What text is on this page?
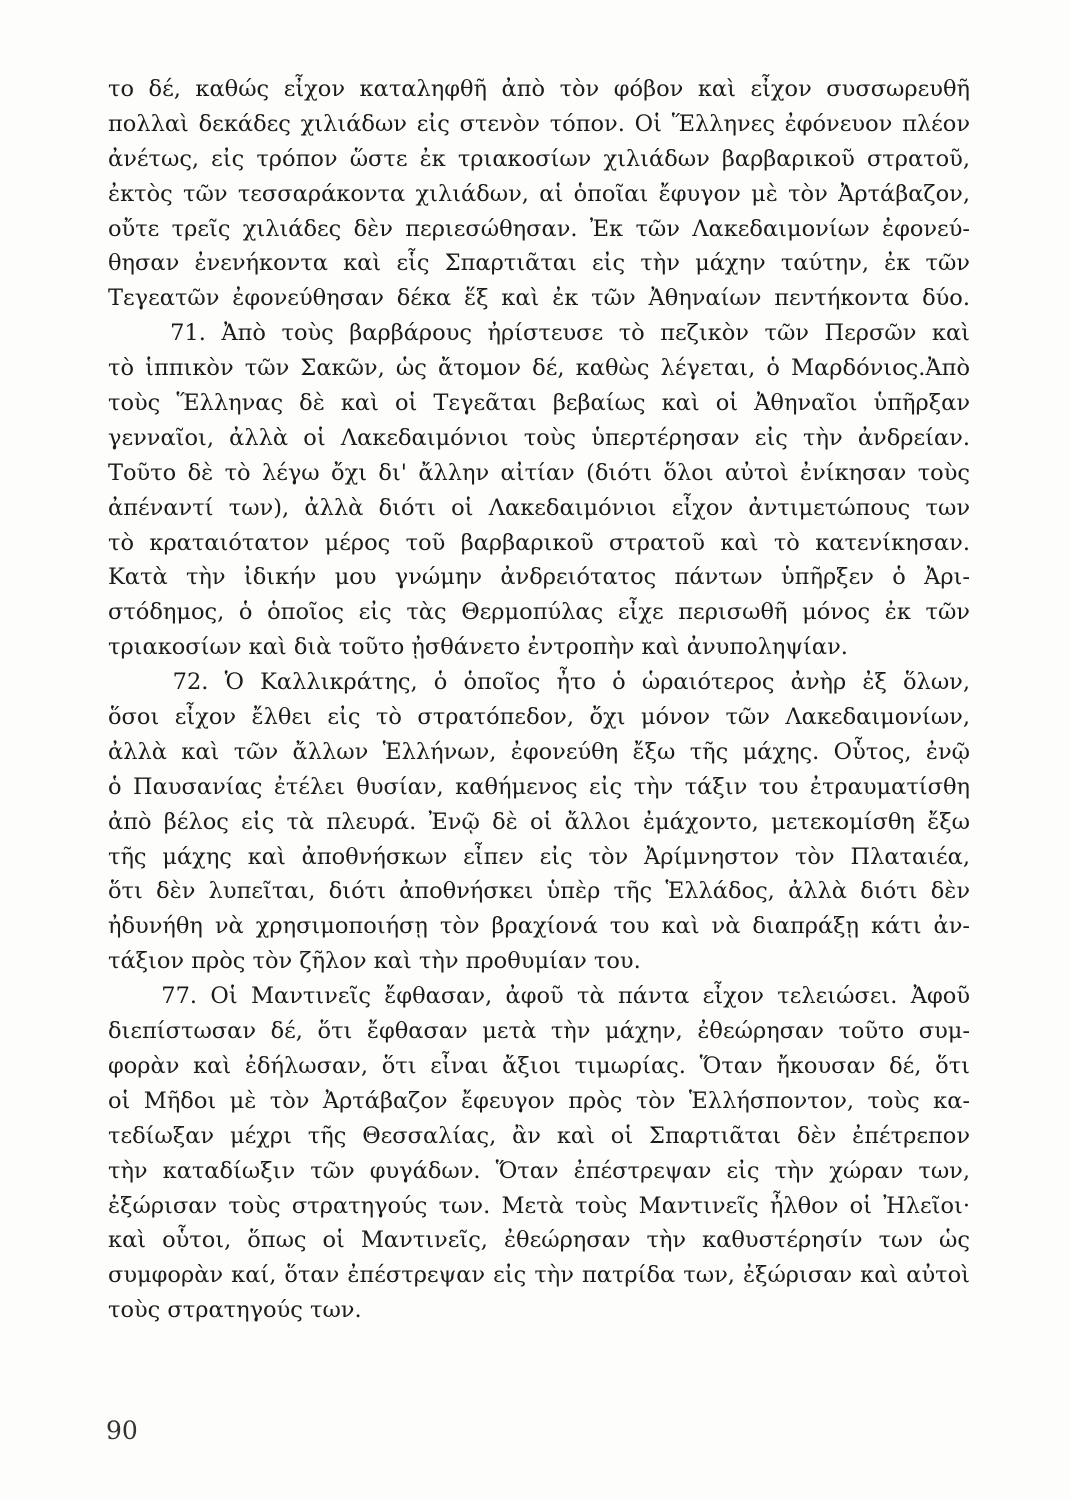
το δέ, καθώς εἶχον καταληφθῆ ἀπὸ τὸν φόβον καὶ εἶχον συσσωρευθῆ
πολλαὶ δεκάδες χιλιάδων εἰς στενὸν τόπον. Οἱ Ἕλληνες ἐφόνευον πλέον
ἀνέτως, εἰς τρόπον ὥστε ἐκ τριακοσίων χιλιάδων βαρβαρικοῦ στρατοῦ,
ἐκτὸς τῶν τεσσαράκοντα χιλιάδων, αἱ ὁποῖαι ἔφυγον μὲ τὸν Ἀρτάβαζον,
οὔτε τρεῖς χιλιάδες δὲν περιεσώθησαν. Ἐκ τῶν Λακεδαιμονίων ἐφονεύ-
θησαν ἐνενήκοντα καὶ εἷς Σπαρτιᾶται εἰς τὴν μάχην ταύτην, ἐκ τῶν
Τεγεατῶν ἐφονεύθησαν δέκα ἕξ καὶ ἐκ τῶν Ἀθηναίων πεντήκοντα δύο.
71. Ἀπὸ τοὺς βαρβάρους ἠρίστευσε τὸ πεζικὸν τῶν Περσῶν καὶ
τὸ ἱππικὸν τῶν Σακῶν, ὡς ἄτομον δέ, καθὼς λέγεται, ὁ Μαρδόνιος.Ἀπὸ
τοὺς Ἕλληνας δὲ καὶ οἱ Τεγεᾶται βεβαίως καὶ οἱ Ἀθηναῖοι ὑπῆρξαν
γενναῖοι, ἀλλὰ οἱ Λακεδαιμόνιοι τοὺς ὑπερτέρησαν εἰς τὴν ἀνδρείαν.
Τοῦτο δὲ τὸ λέγω ὄχι δι' ἄλλην αἰτίαν (διότι ὅλοι αὐτοὶ ἐνίκησαν τοὺς
ἀπέναντί των), ἀλλὰ διότι οἱ Λακεδαιμόνιοι εἶχον ἀντιμετώπους των
τὸ κραταιότατον μέρος τοῦ βαρβαρικοῦ στρατοῦ καὶ τὸ κατενίκησαν.
Κατὰ τὴν ἰδικήν μου γνώμην ἀνδρειότατος πάντων ὑπῆρξεν ὁ Ἀρι-
στόδημος, ὁ ὁποῖος εἰς τὰς Θερμοπύλας εἶχε περισωθῆ μόνος ἐκ τῶν
τριακοσίων καὶ διὰ τοῦτο ᾐσθάνετο ἐντροπὴν καὶ ἀνυποληψίαν.
72. Ὁ Καλλικράτης, ὁ ὁποῖος ἦτο ὁ ὡραιότερος ἀνὴρ ἐξ ὅλων,
ὅσοι εἶχον ἔλθει εἰς τὸ στρατόπεδον, ὄχι μόνον τῶν Λακεδαιμονίων,
ἀλλὰ καὶ τῶν ἄλλων Ἑλλήνων, ἐφονεύθη ἔξω τῆς μάχης. Οὗτος, ἐνῷ
ὁ Παυσανίας ἐτέλει θυσίαν, καθήμενος εἰς τὴν τάξιν του ἐτραυματίσθη
ἀπὸ βέλος εἰς τὰ πλευρά. Ἐνῷ δὲ οἱ ἄλλοι ἐμάχοντο, μετεκομίσθη ἔξω
τῆς μάχης καὶ ἀποθνήσκων εἶπεν εἰς τὸν Ἀρίμνηστον τὸν Πλαταιέα,
ὅτι δὲν λυπεῖται, διότι ἀποθνήσκει ὑπὲρ τῆς Ἑλλάδος, ἀλλὰ διότι δὲν
ἠδυνήθη νὰ χρησιμοποιήσῃ τὸν βραχίονά του καὶ νὰ διαπράξῃ κάτι ἀν-
τάξιον πρὸς τὸν ζῆλον καὶ τὴν προθυμίαν του.
77. Οἱ Μαντινεῖς ἔφθασαν, ἀφοῦ τὰ πάντα εἶχον τελειώσει. Ἀφοῦ
διεπίστωσαν δέ, ὅτι ἔφθασαν μετὰ τὴν μάχην, ἐθεώρησαν τοῦτο συμ-
φορὰν καὶ ἐδήλωσαν, ὅτι εἶναι ἄξιοι τιμωρίας. Ὅταν ἤκουσαν δέ, ὅτι
οἱ Μῆδοι μὲ τὸν Ἀρτάβαζον ἔφευγον πρὸς τὸν Ἑλλήσποντον, τοὺς κα-
τεδίωξαν μέχρι τῆς Θεσσαλίας, ἂν καὶ οἱ Σπαρτιᾶται δὲν ἐπέτρεπον
τὴν καταδίωξιν τῶν φυγάδων. Ὅταν ἐπέστρεψαν εἰς τὴν χώραν των,
ἐξώρισαν τοὺς στρατηγούς των. Μετὰ τοὺς Μαντινεῖς ἦλθον οἱ Ἠλεῖοι·
καὶ οὗτοι, ὅπως οἱ Μαντινεῖς, ἐθεώρησαν τὴν καθυστέρησίν των ὡς
συμφορὰν καί, ὅταν ἐπέστρεψαν εἰς τὴν πατρίδα των, ἐξώρισαν καὶ αὐτοὶ
τοὺς στρατηγούς των.
90
